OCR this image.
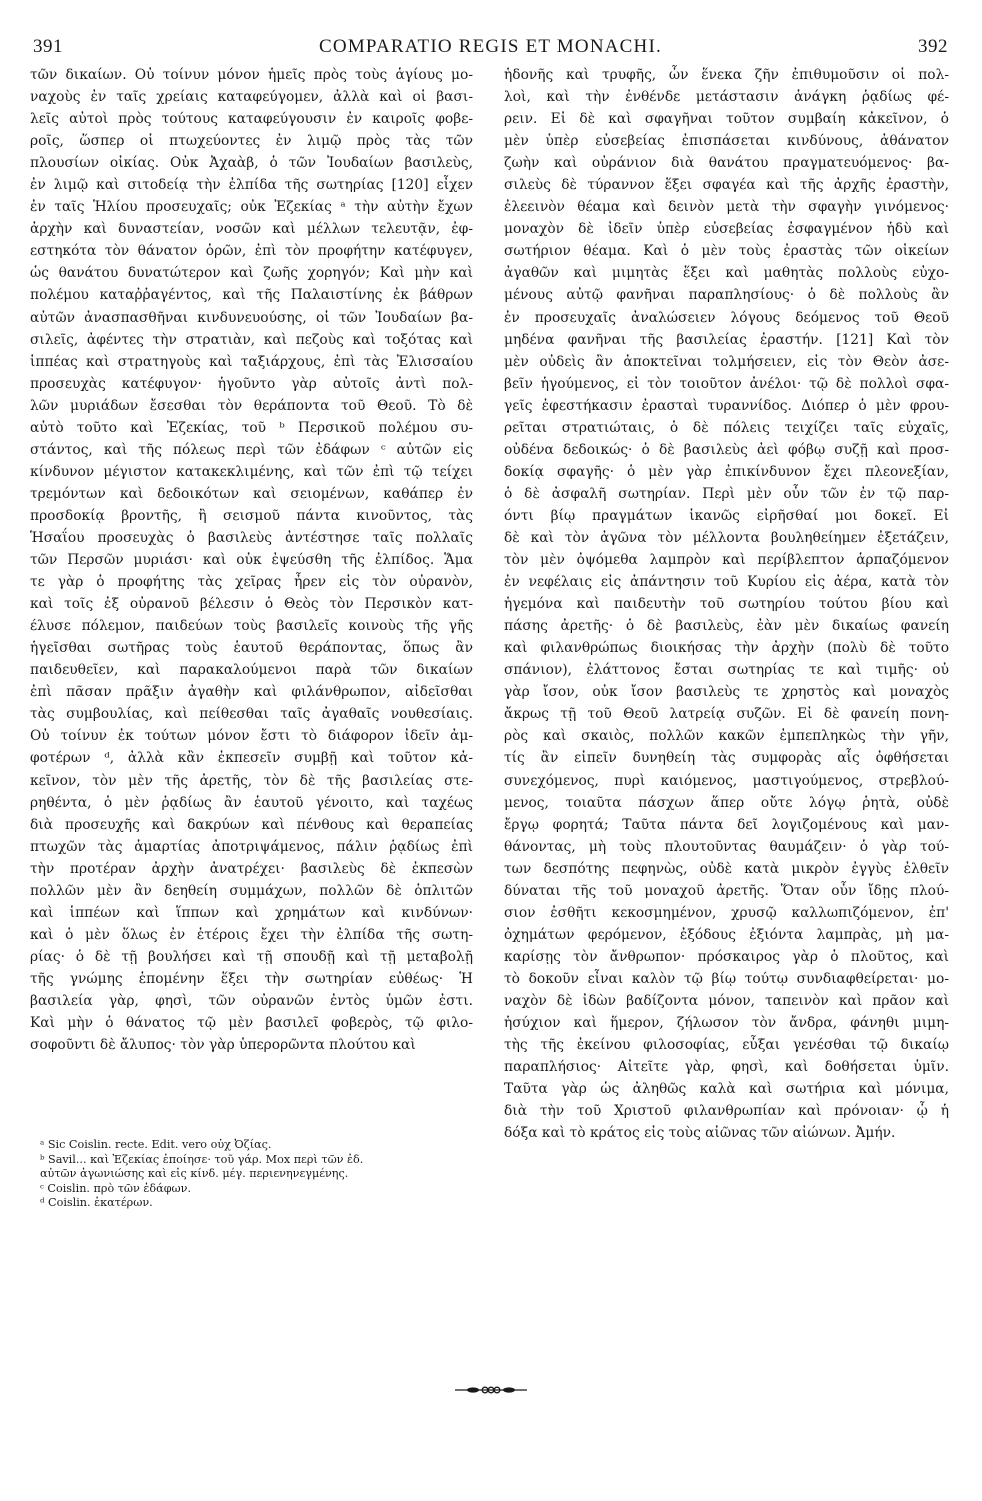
391	COMPARATIO REGIS ET MONACHI.	392
τῶν δικαίων. Οὐ τοίνυν μόνον ἡμεῖς πρὸς τοὺς ἁγίους μο-
ναχοὺς ἐν ταῖς χρείαις καταφεύγομεν, ἀλλὰ καὶ οἱ βασι-
λεῖς αὐτοὶ πρὸς τούτους καταφεύγουσιν ἐν καιροῖς φοβε-
ροῖς, ὥσπερ οἱ πτωχεύοντες ἐν λιμῷ πρὸς τὰς τῶν
πλουσίων οἰκίας. Οὐκ Ἀχαὰβ, ὁ τῶν Ἰουδαίων βασιλεὺς,
ἐν λιμῷ καὶ σιτοδείᾳ τὴν ἐλπίδα τῆς σωτηρίας [120] εἶχεν
ἐν ταῖς Ἡλίου προσευχαῖς; οὐκ Ἐζεκίας ᵃ τὴν αὐτὴν ἔχων
ἀρχὴν καὶ δυναστείαν, νοσῶν καὶ μέλλων τελευτᾷν, ἐφ-
εστηκότα τὸν θάνατον ὁρῶν, ἐπὶ τὸν προφήτην κατέφυγεν,
ὡς θανάτου δυνατώτερον καὶ ζωῆς χορηγόν; Καὶ μὴν καὶ
πολέμου καταῤῥαγέντος, καὶ τῆς Παλαιστίνης ἐκ βάθρων
αὐτῶν ἀνασπασθῆναι κινδυνευούσης, οἱ τῶν Ἰουδαίων βα-
σιλεῖς, ἀφέντες τὴν στρατιὰν, καὶ πεζοὺς καὶ τοξότας καὶ
ἱππέας καὶ στρατηγοὺς καὶ ταξιάρχους, ἐπὶ τὰς Ἐλισσαίου
προσευχὰς κατέφυγον· ἡγοῦντο γὰρ αὐτοῖς ἀντὶ πολ-
λῶν μυριάδων ἔσεσθαι τὸν θεράποντα τοῦ Θεοῦ. Τὸ δὲ
αὐτὸ τοῦτο καὶ Ἐζεκίας, τοῦ ᵇ Περσικοῦ πολέμου συ-
στάντος, καὶ τῆς πόλεως περὶ τῶν ἐδάφων ᶜ αὐτῶν εἰς
κίνδυνον μέγιστον κατακεκλιμένης, καὶ τῶν ἐπὶ τῷ τείχει
τρεμόντων καὶ δεδοικότων καὶ σειομένων, καθάπερ ἐν
προσδοκίᾳ βροντῆς, ἢ σεισμοῦ πάντα κινοῦντος, τὰς
Ἡσαΐου προσευχὰς ὁ βασιλεὺς ἀντέστησε ταῖς πολλαῖς
τῶν Περσῶν μυριάσι· καὶ οὐκ ἐψεύσθη τῆς ἐλπίδος. Ἅμα
τε γὰρ ὁ προφήτης τὰς χεῖρας ἦρεν εἰς τὸν οὐρανὸν,
καὶ τοῖς ἐξ οὐρανοῦ βέλεσιν ὁ Θεὸς τὸν Περσικὸν κατ-
έλυσε πόλεμον, παιδεύων τοὺς βασιλεῖς κοινοὺς τῆς γῆς
ἡγεῖσθαι σωτῆρας τοὺς ἑαυτοῦ θεράποντας, ὅπως ἂν
παιδευθεῖεν, καὶ παρακαλούμενοι παρὰ τῶν δικαίων
ἐπὶ πᾶσαν πρᾶξιν ἀγαθὴν καὶ φιλάνθρωπον, αἰδεῖσθαι
τὰς συμβουλίας, καὶ πείθεσθαι ταῖς ἀγαθαῖς νουθεσίαις.
Οὐ τοίνυν ἐκ τούτων μόνον ἔστι τὸ διάφορον ἰδεῖν ἀμ-
φοτέρων ᵈ, ἀλλὰ κἂν ἐκπεσεῖν συμβῇ καὶ τοῦτον κἀ-
κεῖνον, τὸν μὲν τῆς ἀρετῆς, τὸν δὲ τῆς βασιλείας στε-
ρηθέντα, ὁ μὲν ῥᾳδίως ἂν ἑαυτοῦ γένοιτο, καὶ ταχέως
διὰ προσευχῆς καὶ δακρύων καὶ πένθους καὶ θεραπείας
πτωχῶν τὰς ἁμαρτίας ἀποτριψάμενος, πάλιν ῥᾳδίως ἐπὶ
τὴν προτέραν ἀρχὴν ἀνατρέχει· βασιλεὺς δὲ ἐκπεσὼν
πολλῶν μὲν ἂν δεηθείη συμμάχων, πολλῶν δὲ ὁπλιτῶν
καὶ ἱππέων καὶ ἵππων καὶ χρημάτων καὶ κινδύνων·
καὶ ὁ μὲν ὅλως ἐν ἑτέροις ἔχει τὴν ἐλπίδα τῆς σωτη-
ρίας· ὁ δὲ τῇ βουλήσει καὶ τῇ σπουδῇ καὶ τῇ μεταβολῇ
τῆς γνώμης ἑπομένην ἕξει τὴν σωτηρίαν εὐθέως· Ἡ
βασιλεία γὰρ, φησὶ, τῶν οὐρανῶν ἐντὸς ὑμῶν ἐστι.
Καὶ μὴν ὁ θάνατος τῷ μὲν βασιλεῖ φοβερὸς, τῷ φιλο-
σοφοῦντι δὲ ἄλυπος· τὸν γὰρ ὑπερορῶντα πλούτου καὶ
ἡδονῆς καὶ τρυφῆς, ὧν ἕνεκα ζῆν ἐπιθυμοῦσιν οἱ πολ-
λοὶ, καὶ τὴν ἐνθένδε μετάστασιν ἀνάγκη ῥᾳδίως φέ-
ρειν. Εἰ δὲ καὶ σφαγῆναι τοῦτον συμβαίη κἀκεῖνον, ὁ
μὲν ὑπὲρ εὐσεβείας ἐπισπάσεται κινδύνους, ἀθάνατον
ζωὴν καὶ οὐράνιον διὰ θανάτου πραγματευόμενος· βα-
σιλεὺς δὲ τύραννον ἕξει σφαγέα καὶ τῆς ἀρχῆς ἐραστὴν,
ἐλεεινὸν θέαμα καὶ δεινὸν μετὰ τὴν σφαγὴν γινόμενος·
μοναχὸν δὲ ἰδεῖν ὑπὲρ εὐσεβείας ἐσφαγμένον ἡδὺ καὶ
σωτήριον θέαμα. Καὶ ὁ μὲν τοὺς ἐραστὰς τῶν οἰκείων
ἀγαθῶν καὶ μιμητὰς ἕξει καὶ μαθητὰς πολλοὺς εὐχο-
μένους αὐτῷ φανῆναι παραπλησίους· ὁ δὲ πολλοὺς ἂν
ἐν προσευχαῖς ἀναλώσειεν λόγους δεόμενος τοῦ Θεοῦ
μηδένα φανῆναι τῆς βασιλείας ἐραστήν. [121] Καὶ τὸν
μὲν οὐδεὶς ἂν ἀποκτεῖναι τολμήσειεν, εἰς τὸν Θεὸν ἀσε-
βεῖν ἡγούμενος, εἰ τὸν τοιοῦτον ἀνέλοι· τῷ δὲ πολλοὶ σφα-
γεῖς ἐφεστήκασιν ἐρασταὶ τυραννίδος. Διόπερ ὁ μὲν φρου-
ρεῖται στρατιώταις, ὁ δὲ πόλεις τειχίζει ταῖς εὐχαῖς,
οὐδένα δεδοικώς· ὁ δὲ βασιλεὺς ἀεὶ φόβῳ συζῇ καὶ προσ-
δοκίᾳ σφαγῆς· ὁ μὲν γὰρ ἐπικίνδυνον ἔχει πλεονεξίαν,
ὁ δὲ ἀσφαλῆ σωτηρίαν. Περὶ μὲν οὖν τῶν ἐν τῷ παρ-
όντι βίῳ πραγμάτων ἱκανῶς εἰρῆσθαί μοι δοκεῖ. Εἰ
δὲ καὶ τὸν ἀγῶνα τὸν μέλλοντα βουληθείημεν ἐξετάζειν,
τὸν μὲν ὀψόμεθα λαμπρὸν καὶ περίβλεπτον ἁρπαζόμενον
ἐν νεφέλαις εἰς ἀπάντησιν τοῦ Κυρίου εἰς ἀέρα, κατὰ τὸν
ἡγεμόνα καὶ παιδευτὴν τοῦ σωτηρίου τούτου βίου καὶ
πάσης ἀρετῆς· ὁ δὲ βασιλεὺς, ἐὰν μὲν δικαίως φανείη
καὶ φιλανθρώπως διοικήσας τὴν ἀρχὴν (πολὺ δὲ τοῦτο
σπάνιον), ἐλάττονος ἔσται σωτηρίας τε καὶ τιμῆς· οὐ
γὰρ ἴσον, οὐκ ἴσον βασιλεὺς τε χρηστὸς καὶ μοναχὸς
ἄκρως τῇ τοῦ Θεοῦ λατρείᾳ συζῶν. Εἰ δὲ φανείη πονη-
ρὸς καὶ σκαιὸς, πολλῶν κακῶν ἐμπεπληκὼς τὴν γῆν,
τίς ἂν εἰπεῖν δυνηθείη τὰς συμφορὰς αἷς ὀφθήσεται
συνεχόμενος, πυρὶ καιόμενος, μαστιγούμενος, στρεβλού-
μενος, τοιαῦτα πάσχων ἅπερ οὔτε λόγῳ ῥητὰ, οὐδὲ
ἔργῳ φορητά; Ταῦτα πάντα δεῖ λογιζομένους καὶ μαν-
θάνοντας, μὴ τοὺς πλουτοῦντας θαυμάζειν· ὁ γὰρ τού-
των δεσπότης πεφηνὼς, οὐδὲ κατὰ μικρὸν ἐγγὺς ἐλθεῖν
δύναται τῆς τοῦ μοναχοῦ ἀρετῆς. Ὅταν οὖν ἴδῃς πλού-
σιον ἐσθῆτι κεκοσμημένον, χρυσῷ καλλωπιζόμενον, ἐπ'
ὀχημάτων φερόμενον, ἐξόδους ἐξιόντα λαμπρὰς, μὴ μα-
καρίσῃς τὸν ἄνθρωπον· πρόσκαιρος γὰρ ὁ πλοῦτος, καὶ
τὸ δοκοῦν εἶναι καλὸν τῷ βίῳ τούτῳ συνδιαφθείρεται· μο-
ναχὸν δὲ ἰδὼν βαδίζοντα μόνον, ταπεινὸν καὶ πρᾶον καὶ
ἡσύχιον καὶ ἥμερον, ζήλωσον τὸν ἄνδρα, φάνηθι μιμη-
τὴς τῆς ἐκείνου φιλοσοφίας, εὖξαι γενέσθαι τῷ δικαίῳ
παραπλήσιος· Αἰτεῖτε γὰρ, φησὶ, καὶ δοθήσεται ὑμῖν.
Ταῦτα γὰρ ὡς ἀληθῶς καλὰ καὶ σωτήρια καὶ μόνιμα,
διὰ τὴν τοῦ Χριστοῦ φιλανθρωπίαν καὶ πρόνοιαν· ᾧ ἡ
δόξα καὶ τὸ κράτος εἰς τοὺς αἰῶνας τῶν αἰώνων. Ἀμήν.
ᵃ Sic Coislin. recte. Edit. vero οὐχ Ὀζίας.
ᵇ Savil... καὶ Ἐζεκίας ἐποίησε· τοῦ γάρ. Mox περὶ τῶν ἐδ.
αὐτῶν ἀγωνιώσης καὶ εἰς κίνδ. μέγ. περιενηνεγμένης.
ᶜ Coislin. πρὸ τῶν ἐδάφων.
ᵈ Coislin. ἑκατέρων.
